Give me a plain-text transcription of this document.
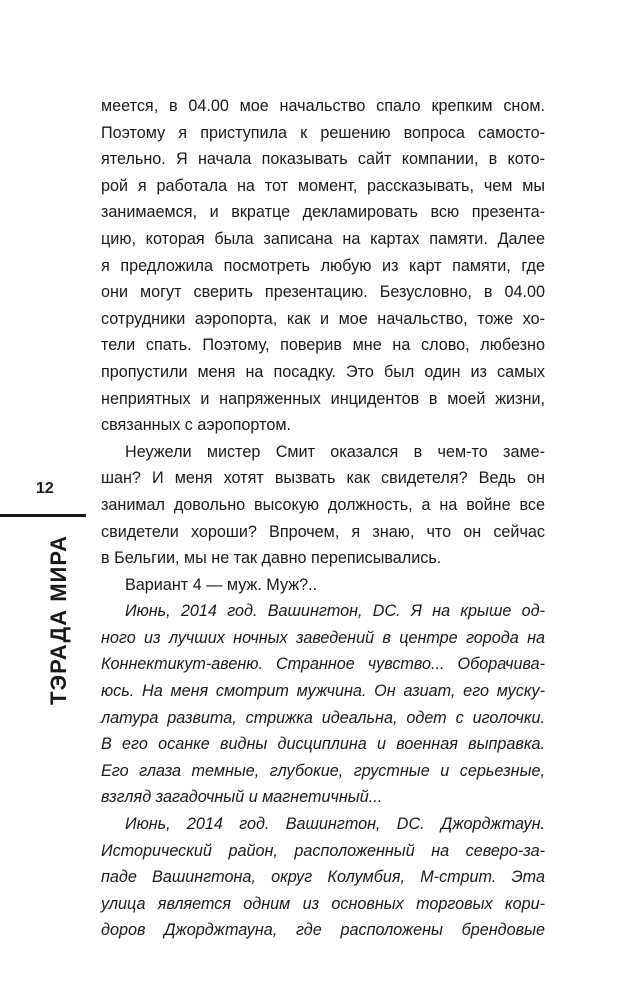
меется, в 04.00 мое начальство спало крепким сном.
Поэтому я приступила к решению вопроса самосто-
ятельно. Я начала показывать сайт компании, в кото-
рой я работала на тот момент, рассказывать, чем мы
занимаемся, и вкратце декламировать всю презента-
цию, которая была записана на картах памяти. Далее
я предложила посмотреть любую из карт памяти, где
они могут сверить презентацию. Безусловно, в 04.00
сотрудники аэропорта, как и мое начальство, тоже хо-
тели спать. Поэтому, поверив мне на слово, любезно
пропустили меня на посадку. Это был один из самых
неприятных и напряженных инцидентов в моей жизни,
связанных с аэропортом.
Неужели мистер Смит оказался в чем-то заме-
шан? И меня хотят вызвать как свидетеля? Ведь он
занимал довольно высокую должность, а на войне все
свидетели хороши? Впрочем, я знаю, что он сейчас
в Бельгии, мы не так давно переписывались.
Вариант 4 — муж. Муж?..
Июнь, 2014 год. Вашингтон, DC. Я на крыше од-
ного из лучших ночных заведений в центре города на
Коннектикут-авеню. Странное чувство... Оборачива-
юсь. На меня смотрит мужчина. Он азиат, его муску-
латура развита, стрижка идеальна, одет с иголочки.
В его осанке видны дисциплина и военная выправка.
Его глаза темные, глубокие, грустные и серьезные,
взгляд загадочный и магнетичный...
Июнь, 2014 год. Вашингтон, DC. Джорджтаун.
Исторический район, расположенный на северо-за-
паде Вашингтона, округ Колумбия, М-стрит. Эта
улица является одним из основных торговых кори-
доров Джорджтауна, где расположены брендовые
12
ТЭРАДА МИРА
